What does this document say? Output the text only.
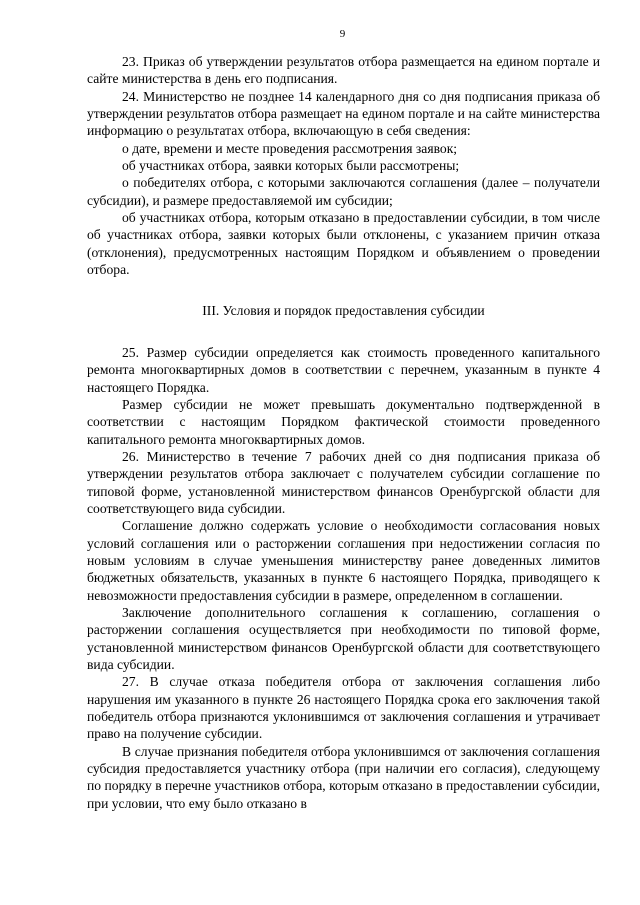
9

23. Приказ об утверждении результатов отбора размещается на едином портале и сайте министерства в день его подписания.

24. Министерство не позднее 14 календарного дня со дня подписания приказа об утверждении результатов отбора размещает на едином портале и на сайте министерства информацию о результатах отбора, включающую в себя сведения:

о дате, времени и месте проведения рассмотрения заявок;

об участниках отбора, заявки которых были рассмотрены;

о победителях отбора, с которыми заключаются соглашения (далее – получатели субсидии), и размере предоставляемой им субсидии;

об участниках отбора, которым отказано в предоставлении субсидии, в том числе об участниках отбора, заявки которых были отклонены, с указанием причин отказа (отклонения), предусмотренных настоящим Порядком и объявлением о проведении отбора.

III. Условия и порядок предоставления субсидии

25. Размер субсидии определяется как стоимость проведенного капитального ремонта многоквартирных домов в соответствии с перечнем, указанным в пункте 4 настоящего Порядка.

Размер субсидии не может превышать документально подтвержденной в соответствии с настоящим Порядком фактической стоимости проведенного капитального ремонта многоквартирных домов.

26. Министерство в течение 7 рабочих дней со дня подписания приказа об утверждении результатов отбора заключает с получателем субсидии соглашение по типовой форме, установленной министерством финансов Оренбургской области для соответствующего вида субсидии.

Соглашение должно содержать условие о необходимости согласования новых условий соглашения или о расторжении соглашения при недостижении согласия по новым условиям в случае уменьшения министерству ранее доведенных лимитов бюджетных обязательств, указанных в пункте 6 настоящего Порядка, приводящего к невозможности предоставления субсидии в размере, определенном в соглашении.

Заключение дополнительного соглашения к соглашению, соглашения о расторжении соглашения осуществляется при необходимости по типовой форме, установленной министерством финансов Оренбургской области для соответствующего вида субсидии.

27. В случае отказа победителя отбора от заключения соглашения либо нарушения им указанного в пункте 26 настоящего Порядка срока его заключения такой победитель отбора признаются уклонившимся от заключения соглашения и утрачивает право на получение субсидии.

В случае признания победителя отбора уклонившимся от заключения соглашения субсидия предоставляется участнику отбора (при наличии его согласия), следующему по порядку в перечне участников отбора, которым отказано в предоставлении субсидии, при условии, что ему было отказано в
